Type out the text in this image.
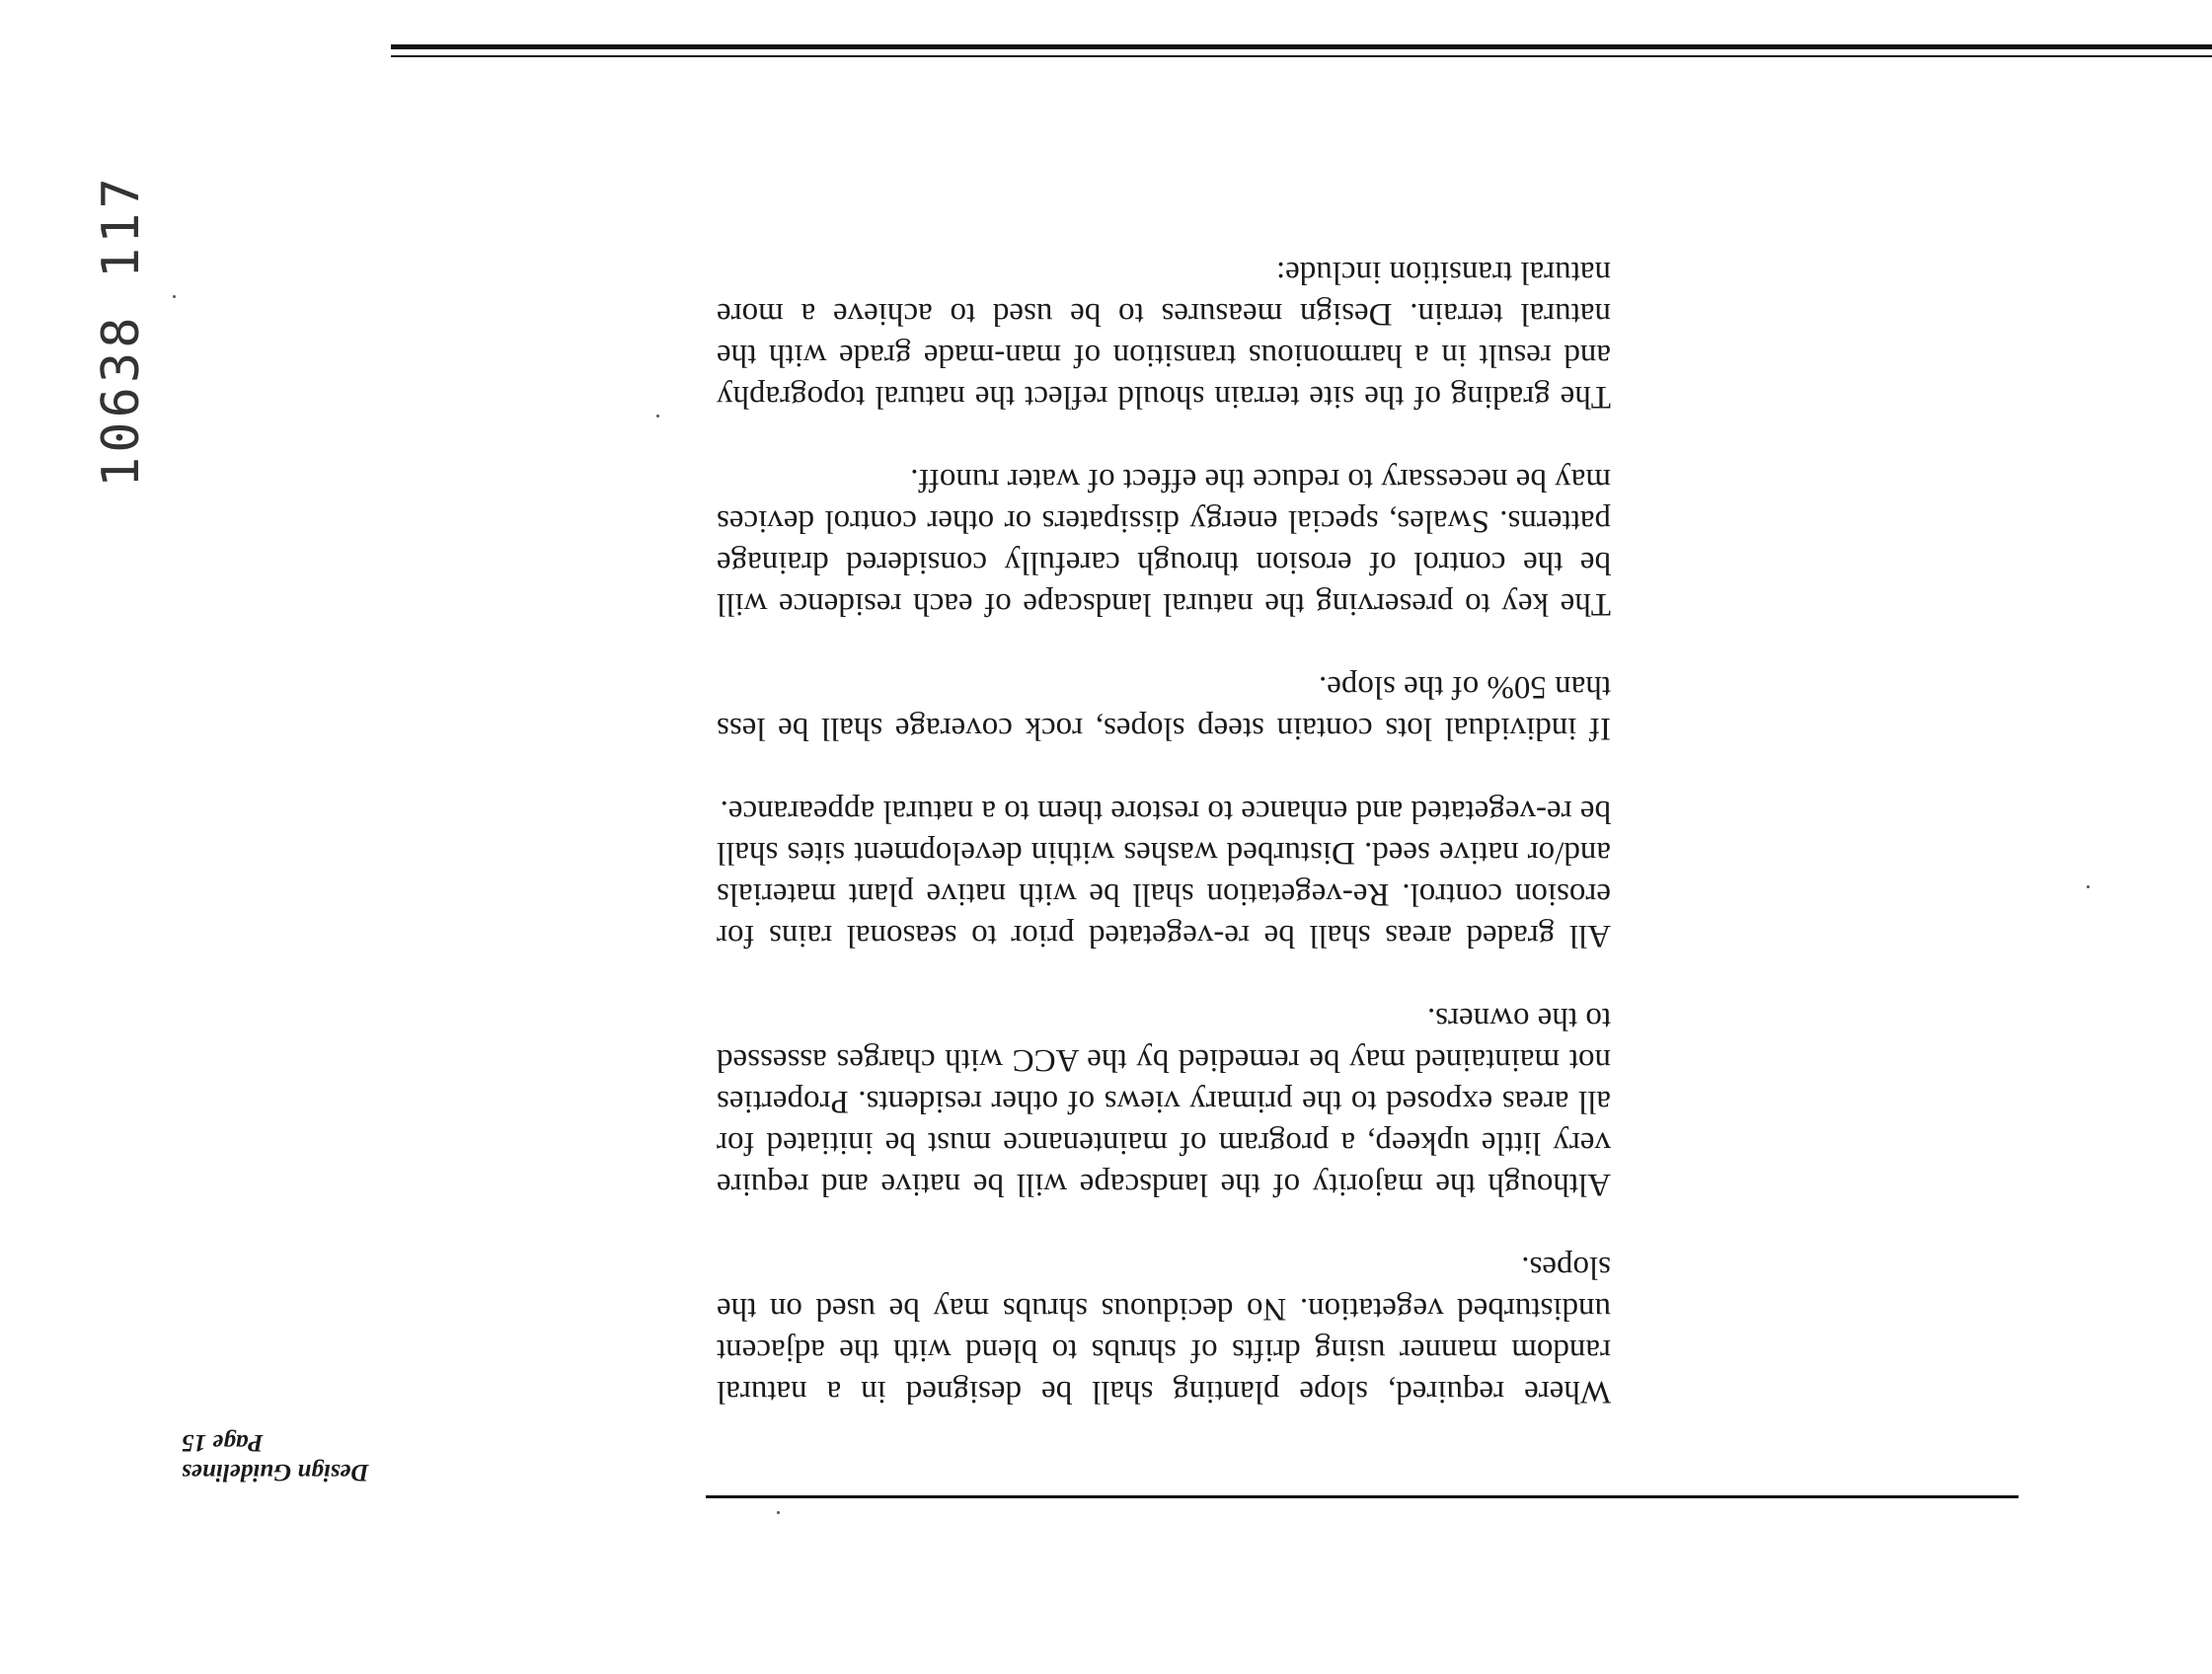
Where required, slope planting shall be designed in a natural random manner using drifts of shrubs to blend with the adjacent undisturbed vegetation. No deciduous shrubs may be used on the slopes.

Although the majority of the landscape will be native and require very little upkeep, a program of maintenance must be initiated for all areas exposed to the primary views of other residents. Properties not maintained may be remedied by the ACC with charges assessed to the owners.

All graded areas shall be re-vegetated prior to seasonal rains for erosion control. Re-vegetation shall be with native plant materials and/or native seed. Disturbed washes within development sites shall be re-vegetated and enhance to restore them to a natural appearance.

If individual lots contain steep slopes, rock coverage shall be less than 50% of the slope.

The key to preserving the natural landscape of each residence will be the control of erosion through carefully considered drainage patterns. Swales, special energy dissipaters or other control devices may be necessary to reduce the effect of water runoff.

The grading of the site terrain should reflect the natural topography and result in a harmonious transition of man-made grade with the natural terrain. Design measures to be used to achieve a more natural transition include:

Design Guidelines
Page 15
10638 117
